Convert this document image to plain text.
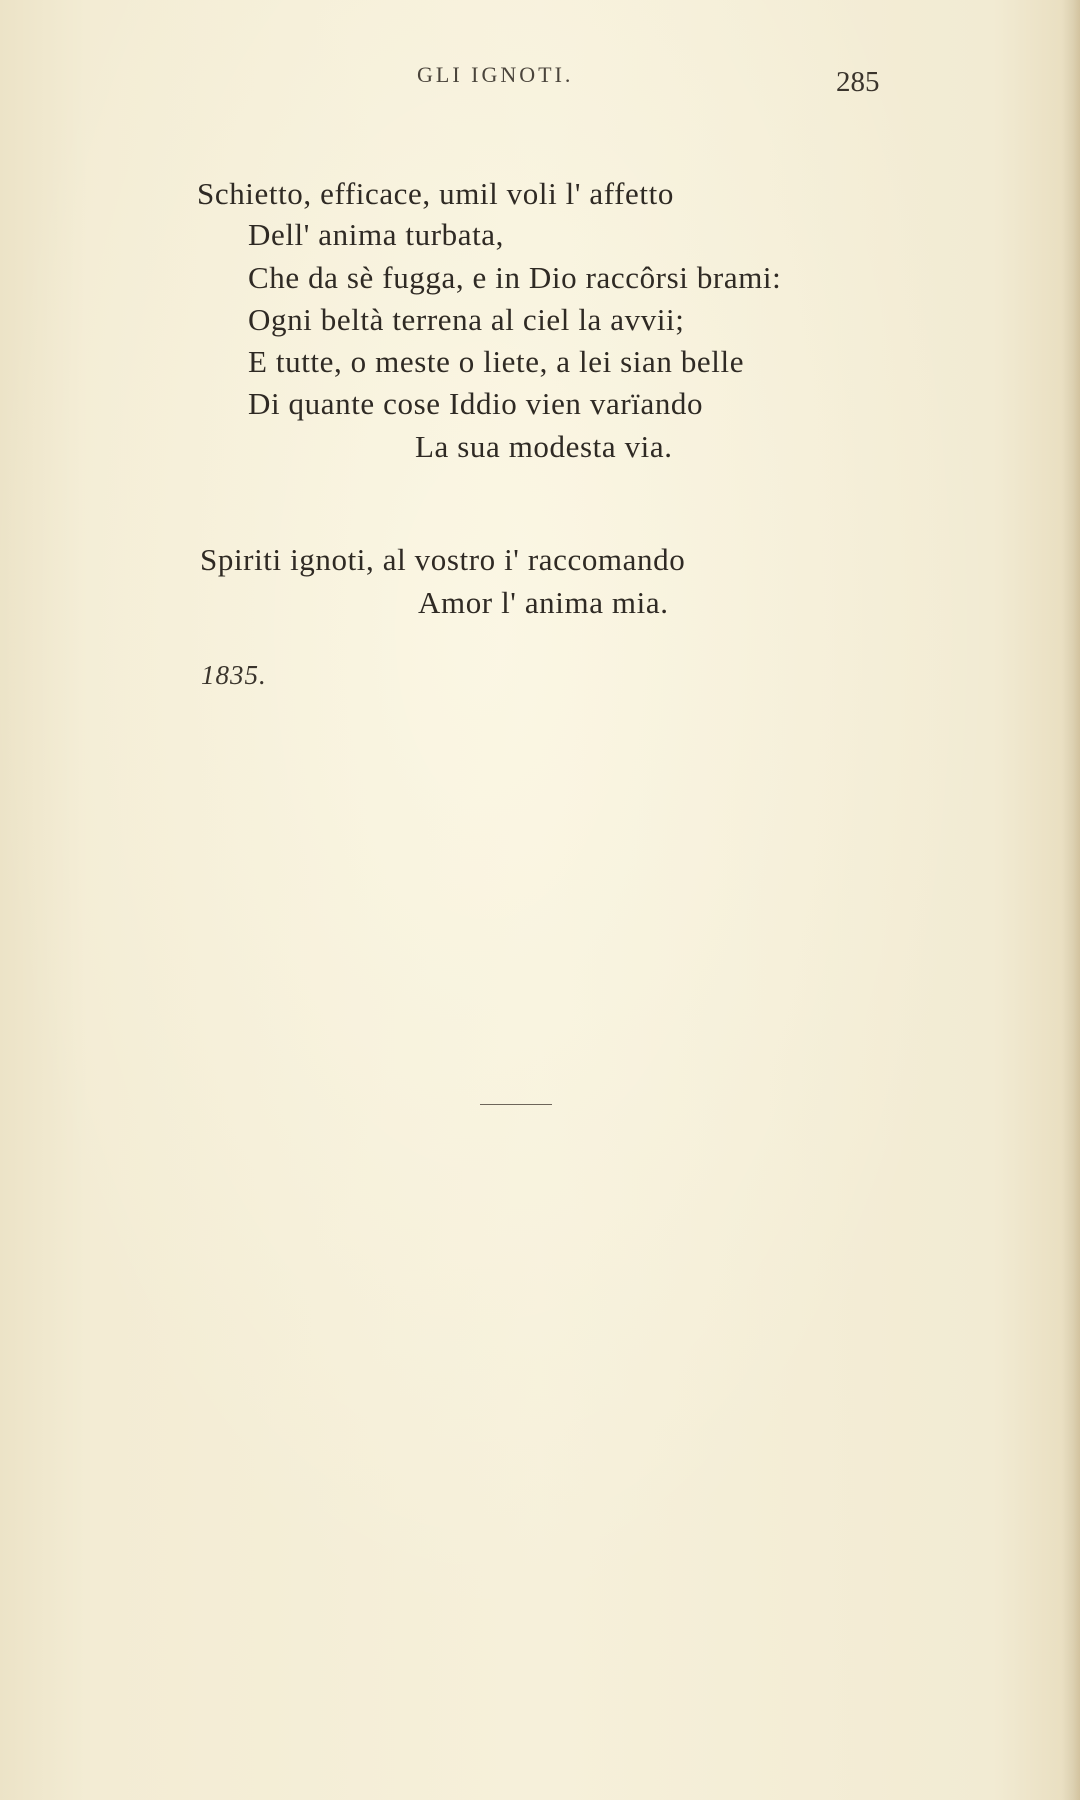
GLI IGNOTI.	285
Schietto, efficace, umil voli l' affetto
Dell' anima turbata,
Che da sè fugga, e in Dio raccôrsi brami:
Ogni beltà terrena al ciel la avvii;
E tutte, o meste o liete, a lei sian belle
Di quante cose Iddio vien varïando
La sua modesta via.
Spiriti ignoti, al vostro i' raccomando
Amor l' anima mia.
1835.
